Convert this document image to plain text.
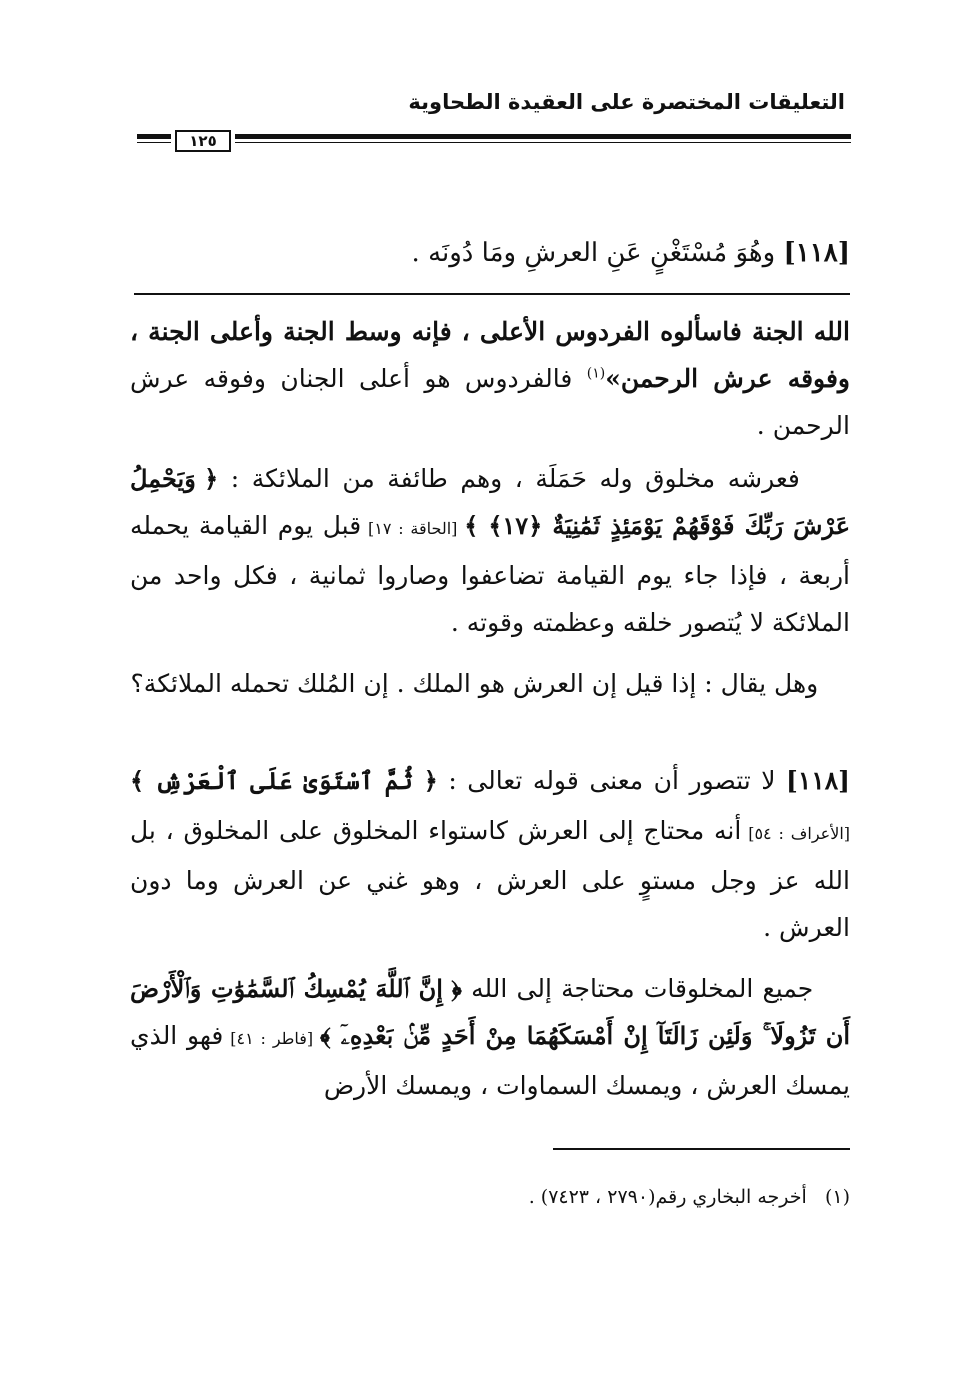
التعليقات المختصرة على العقيدة الطحاوية
١٢٥
[١١٨] وهُوَ مُسْتَغْنٍ عَنِ العرشِ ومَا دُونَه .
الله الجنة فاسألوه الفردوس الأعلى ، فإنه وسط الجنة وأعلى الجنة ، وفوقه عرش الرحمن»$^{(١)}$ فالفردوس هو أعلى الجنان وفوقه عرش الرحمن .
فعرشه مخلوق وله حَمَلَة ، وهم طائفة من الملائكة : ﴿ وَيَحْمِلُ عَرْشَ رَبِّكَ فَوْقَهُمْ يَوْمَئِذٍ ثَمَٰنِيَةٌ ﴿١٧﴾ ﴾ [الحاقة : ١٧] قبل يوم القيامة يحمله أربعة ، فإذا جاء يوم القيامة تضاعفوا وصاروا ثمانية ، فكل واحد من الملائكة لا يُتصور خلقه وعظمته وقوته .
وهل يقال : إذا قيل إن العرش هو الملك . إن المُلك تحمله الملائكة؟
[١١٨] لا تتصور أن معنى قوله تعالى : ﴿ ثُمَّ ٱسْتَوَىٰ عَلَى ٱلْعَرْشِ ﴾ [الأعراف : ٥٤] أنه محتاج إلى العرش كاستواء المخلوق على المخلوق ، بل الله عز وجل مستوٍ على العرش ، وهو غني عن العرش وما دون العرش .
جميع المخلوقات محتاجة إلى الله ﴿ إِنَّ ٱللَّهَ يُمْسِكُ ٱلسَّمَٰوَٰتِ وَٱلْأَرْضَ أَن تَزُولَا ۚ وَلَئِن زَالَتَآ إِنْ أَمْسَكَهُمَا مِنْ أَحَدٍ مِّنۢ بَعْدِهِۦٓ ﴾ [فاطر : ٤١] فهو الذي يمسك العرش ، ويمسك السماوات ، ويمسك الأرض
(١)   أخرجه البخاري رقم(٢٧٩٠ ، ٧٤٢٣) .
